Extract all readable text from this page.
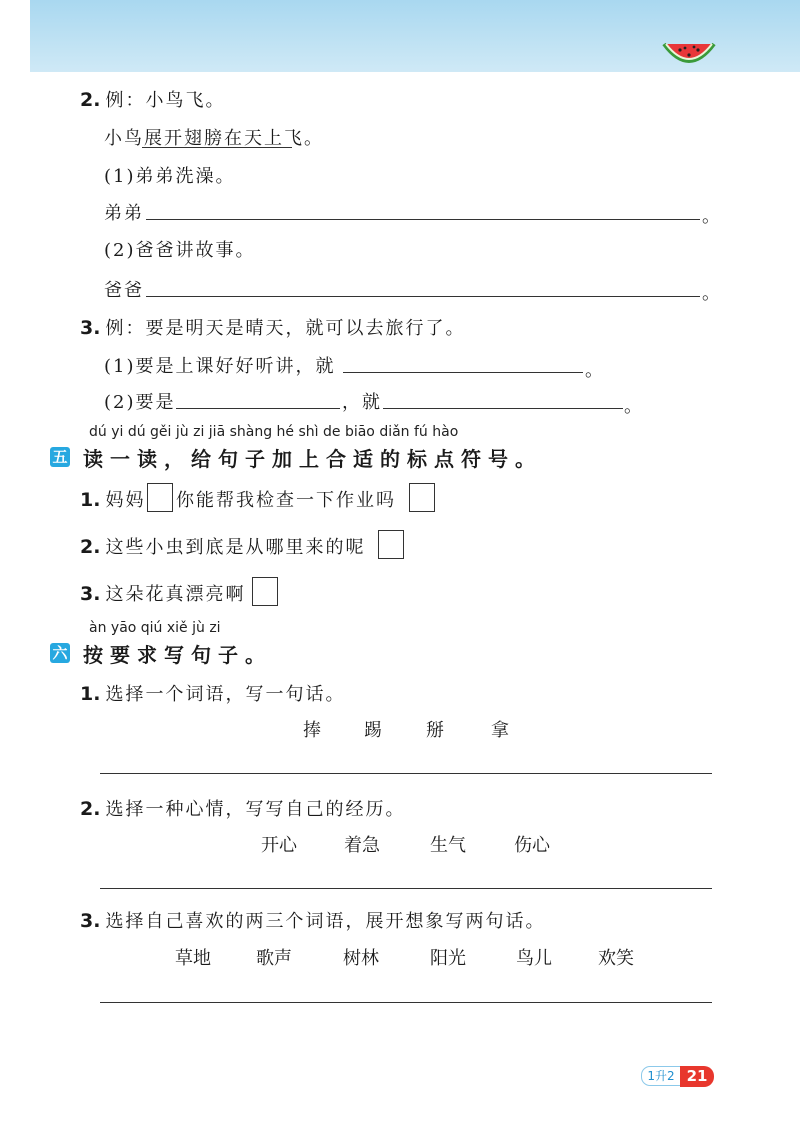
2. 例：小鸟飞。
小鸟展开翅膀在天上飞。
(1)弟弟洗澡。
弟弟	。
(2)爸爸讲故事。
爸爸	。
3. 例：要是明天是晴天，就可以去旅行了。
(1)要是上课好好听讲，就	。
(2)要是	，就	。
dú yi dú gěi jù zi jiā shàng hé shì de biāo diǎn fú hào
五 读一读，给句子加上合适的标点符号。
1. 妈妈 你能帮我检查一下作业吗
2. 这些小虫到底是从哪里来的呢
3. 这朵花真漂亮啊
àn yāo qiú xiě jù zi
六 按要求写句子。
1. 选择一个词语，写一句话。
捧 踢 掰	拿
2. 选择一种心情，写写自己的经历。
开心	着急	生气	伤心
3. 选择自己喜欢的两三个词语，展开想象写两句话。
草地	歌声	树林	阳光	鸟儿	欢笑
1升2 21
